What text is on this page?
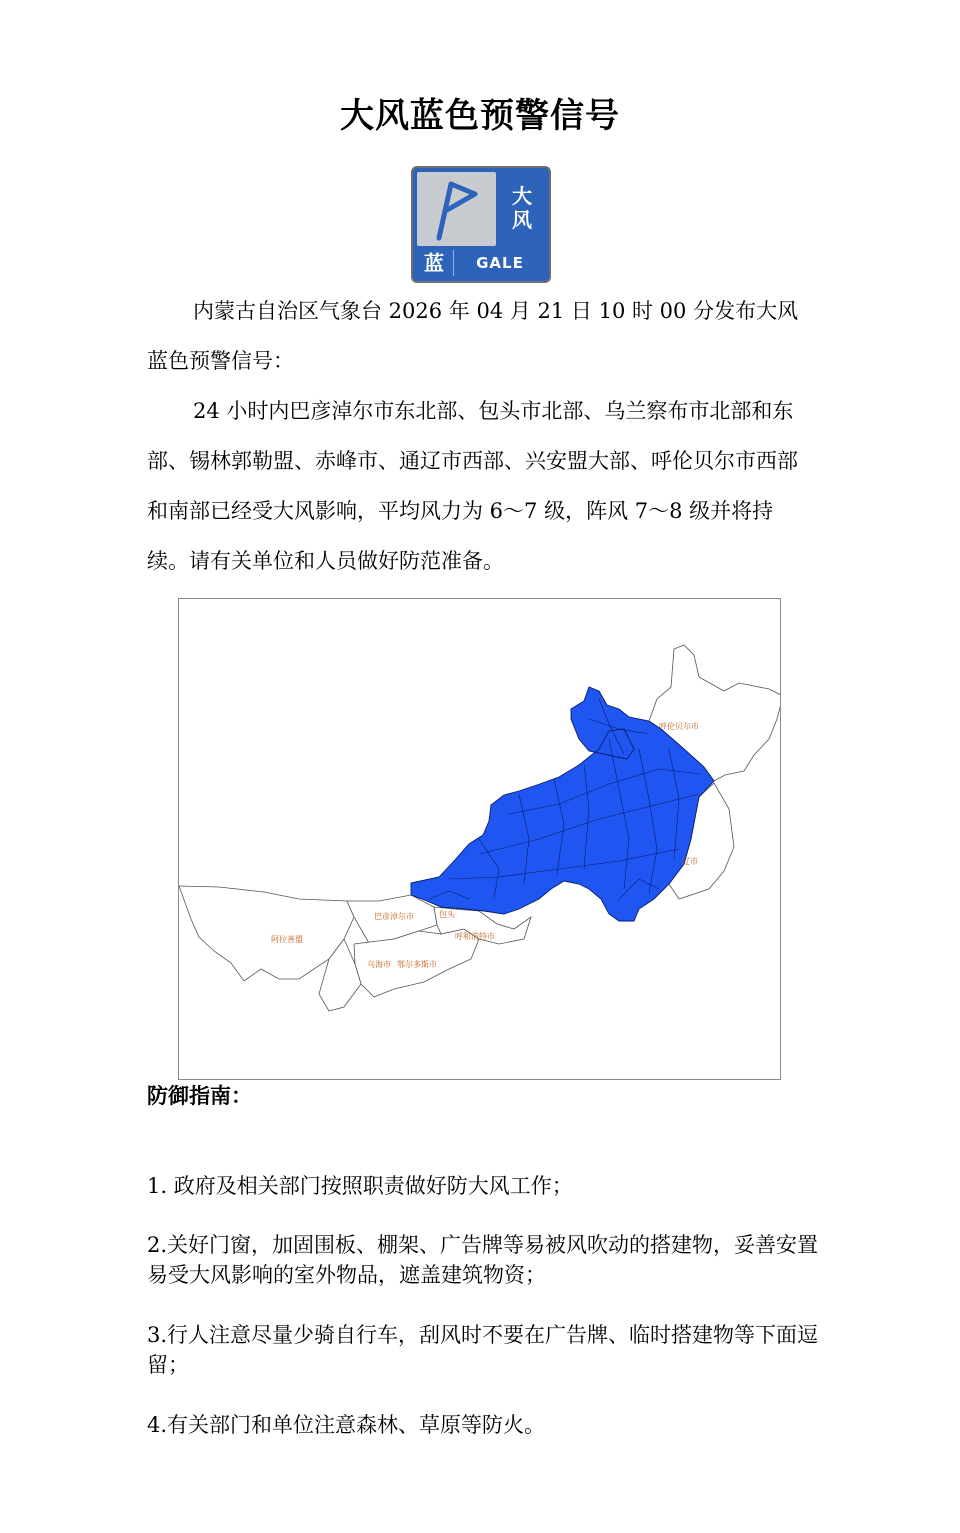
大风蓝色预警信号
大
风
蓝	GALE

内蒙古自治区气象台 2026 年 04 月 21 日 10 时 00 分发布大风蓝色预警信号：

24 小时内巴彦淖尔市东北部、包头市北部、乌兰察布市北部和东部、锡林郭勒盟、赤峰市、通辽市西部、兴安盟大部、呼伦贝尔市西部和南部已经受大风影响，平均风力为 6～7 级，阵风 7～8 级并将持续。请有关单位和人员做好防范准备。

呼伦贝尔市
辽市
巴彦淖尔市	包头
呼和浩特市
阿拉善盟
乌海市 鄂尔多斯市

防御指南：

1. 政府及相关部门按照职责做好防大风工作；

2.关好门窗，加固围板、棚架、广告牌等易被风吹动的搭建物，妥善安置易受大风影响的室外物品，遮盖建筑物资；

3.行人注意尽量少骑自行车，刮风时不要在广告牌、临时搭建物等下面逗留；

4.有关部门和单位注意森林、草原等防火。
